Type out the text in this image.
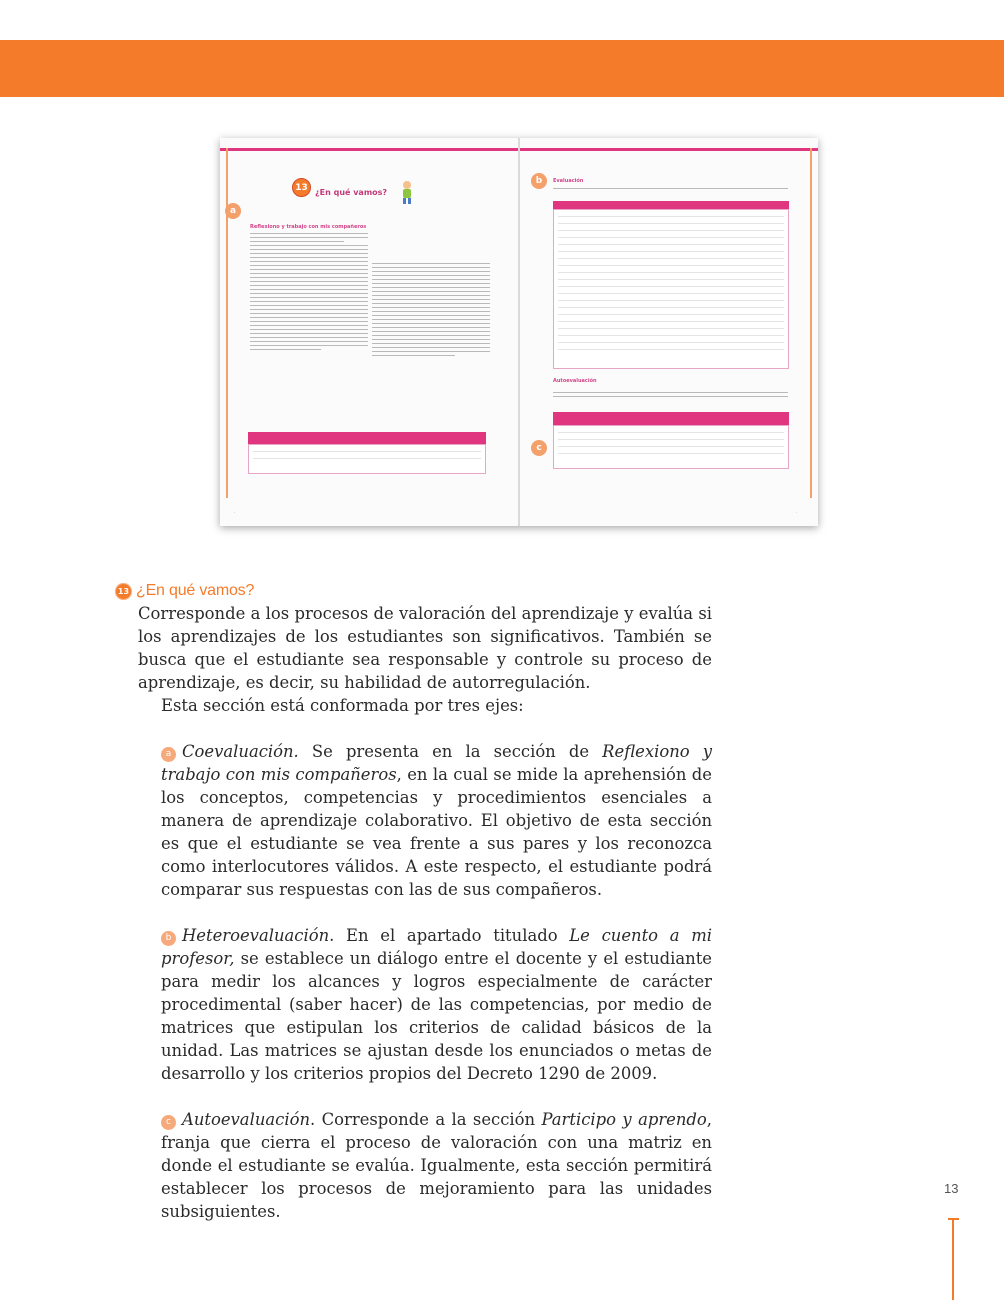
13 ¿En qué vamos?
a
Reflexiono y trabajo con mis compañeros
·
b	Evaluación
Autoevaluación
c
·
13 ¿En qué vamos?

Corresponde a los procesos de valoración del aprendizaje y evalúa si los aprendizajes de los estudiantes son significativos. También se busca que el estudiante sea responsable y controle su proceso de aprendizaje, es decir, su habilidad de autorregulación.

Esta sección está conformada por tres ejes:

a Coevaluación. Se presenta en la sección de Reflexiono y trabajo con mis compañeros, en la cual se mide la aprehensión de los conceptos, competencias y procedimientos esenciales a manera de aprendizaje colaborativo. El objetivo de esta sección es que el estudiante se vea frente a sus pares y los reconozca como interlocutores válidos. A este respecto, el estudiante podrá comparar sus respuestas con las de sus compañeros.

b Heteroevaluación. En el apartado titulado Le cuento a mi profesor, se establece un diálogo entre el docente y el estudiante para medir los alcances y logros especialmente de carácter procedimental (saber hacer) de las competencias, por medio de matrices que estipulan los criterios de calidad básicos de la unidad. Las matrices se ajustan desde los enunciados o metas de desarrollo y los criterios propios del Decreto 1290 de 2009.

c Autoevaluación. Corresponde a la sección Participo y aprendo, franja que cierra el proceso de valoración con una matriz en donde el estudiante se evalúa. Igualmente, esta sección permitirá establecer los procesos de mejoramiento para las unidades subsiguientes.

13
